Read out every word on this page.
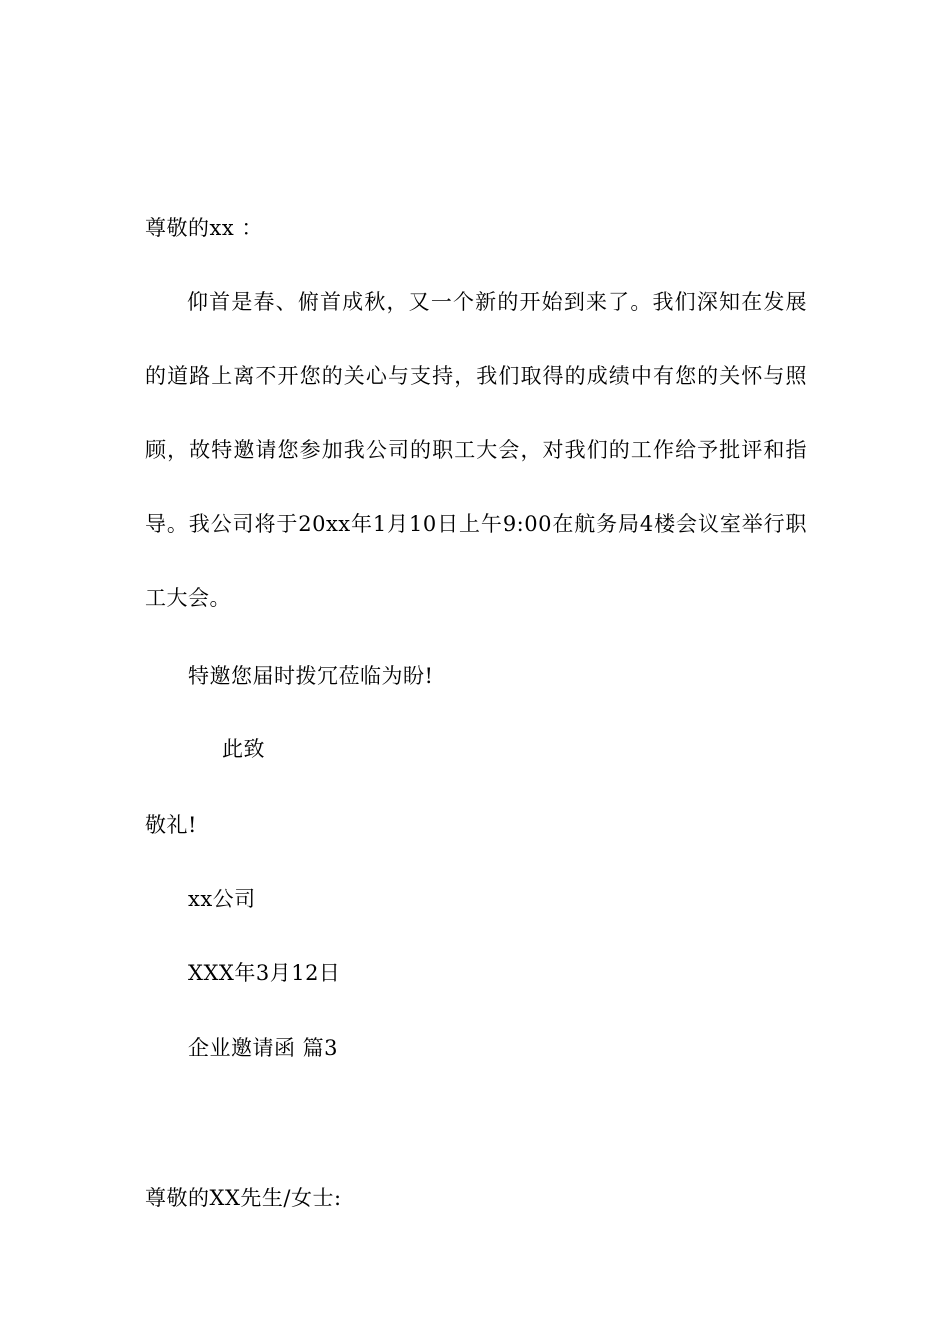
尊敬的xx ：
仰首是春、俯首成秋，又一个新的开始到来了。我们深知在发展的道路上离不开您的关心与支持，我们取得的成绩中有您的关怀与照顾，故特邀请您参加我公司的职工大会，对我们的工作给予批评和指导。我公司将于20xx年1月10日上午9:00在航务局4楼会议室举行职工大会。
特邀您届时拨冗莅临为盼!
此致
敬礼!
xx公司
XXX年3月12日
企业邀请函 篇3
尊敬的XX先生/女士:
